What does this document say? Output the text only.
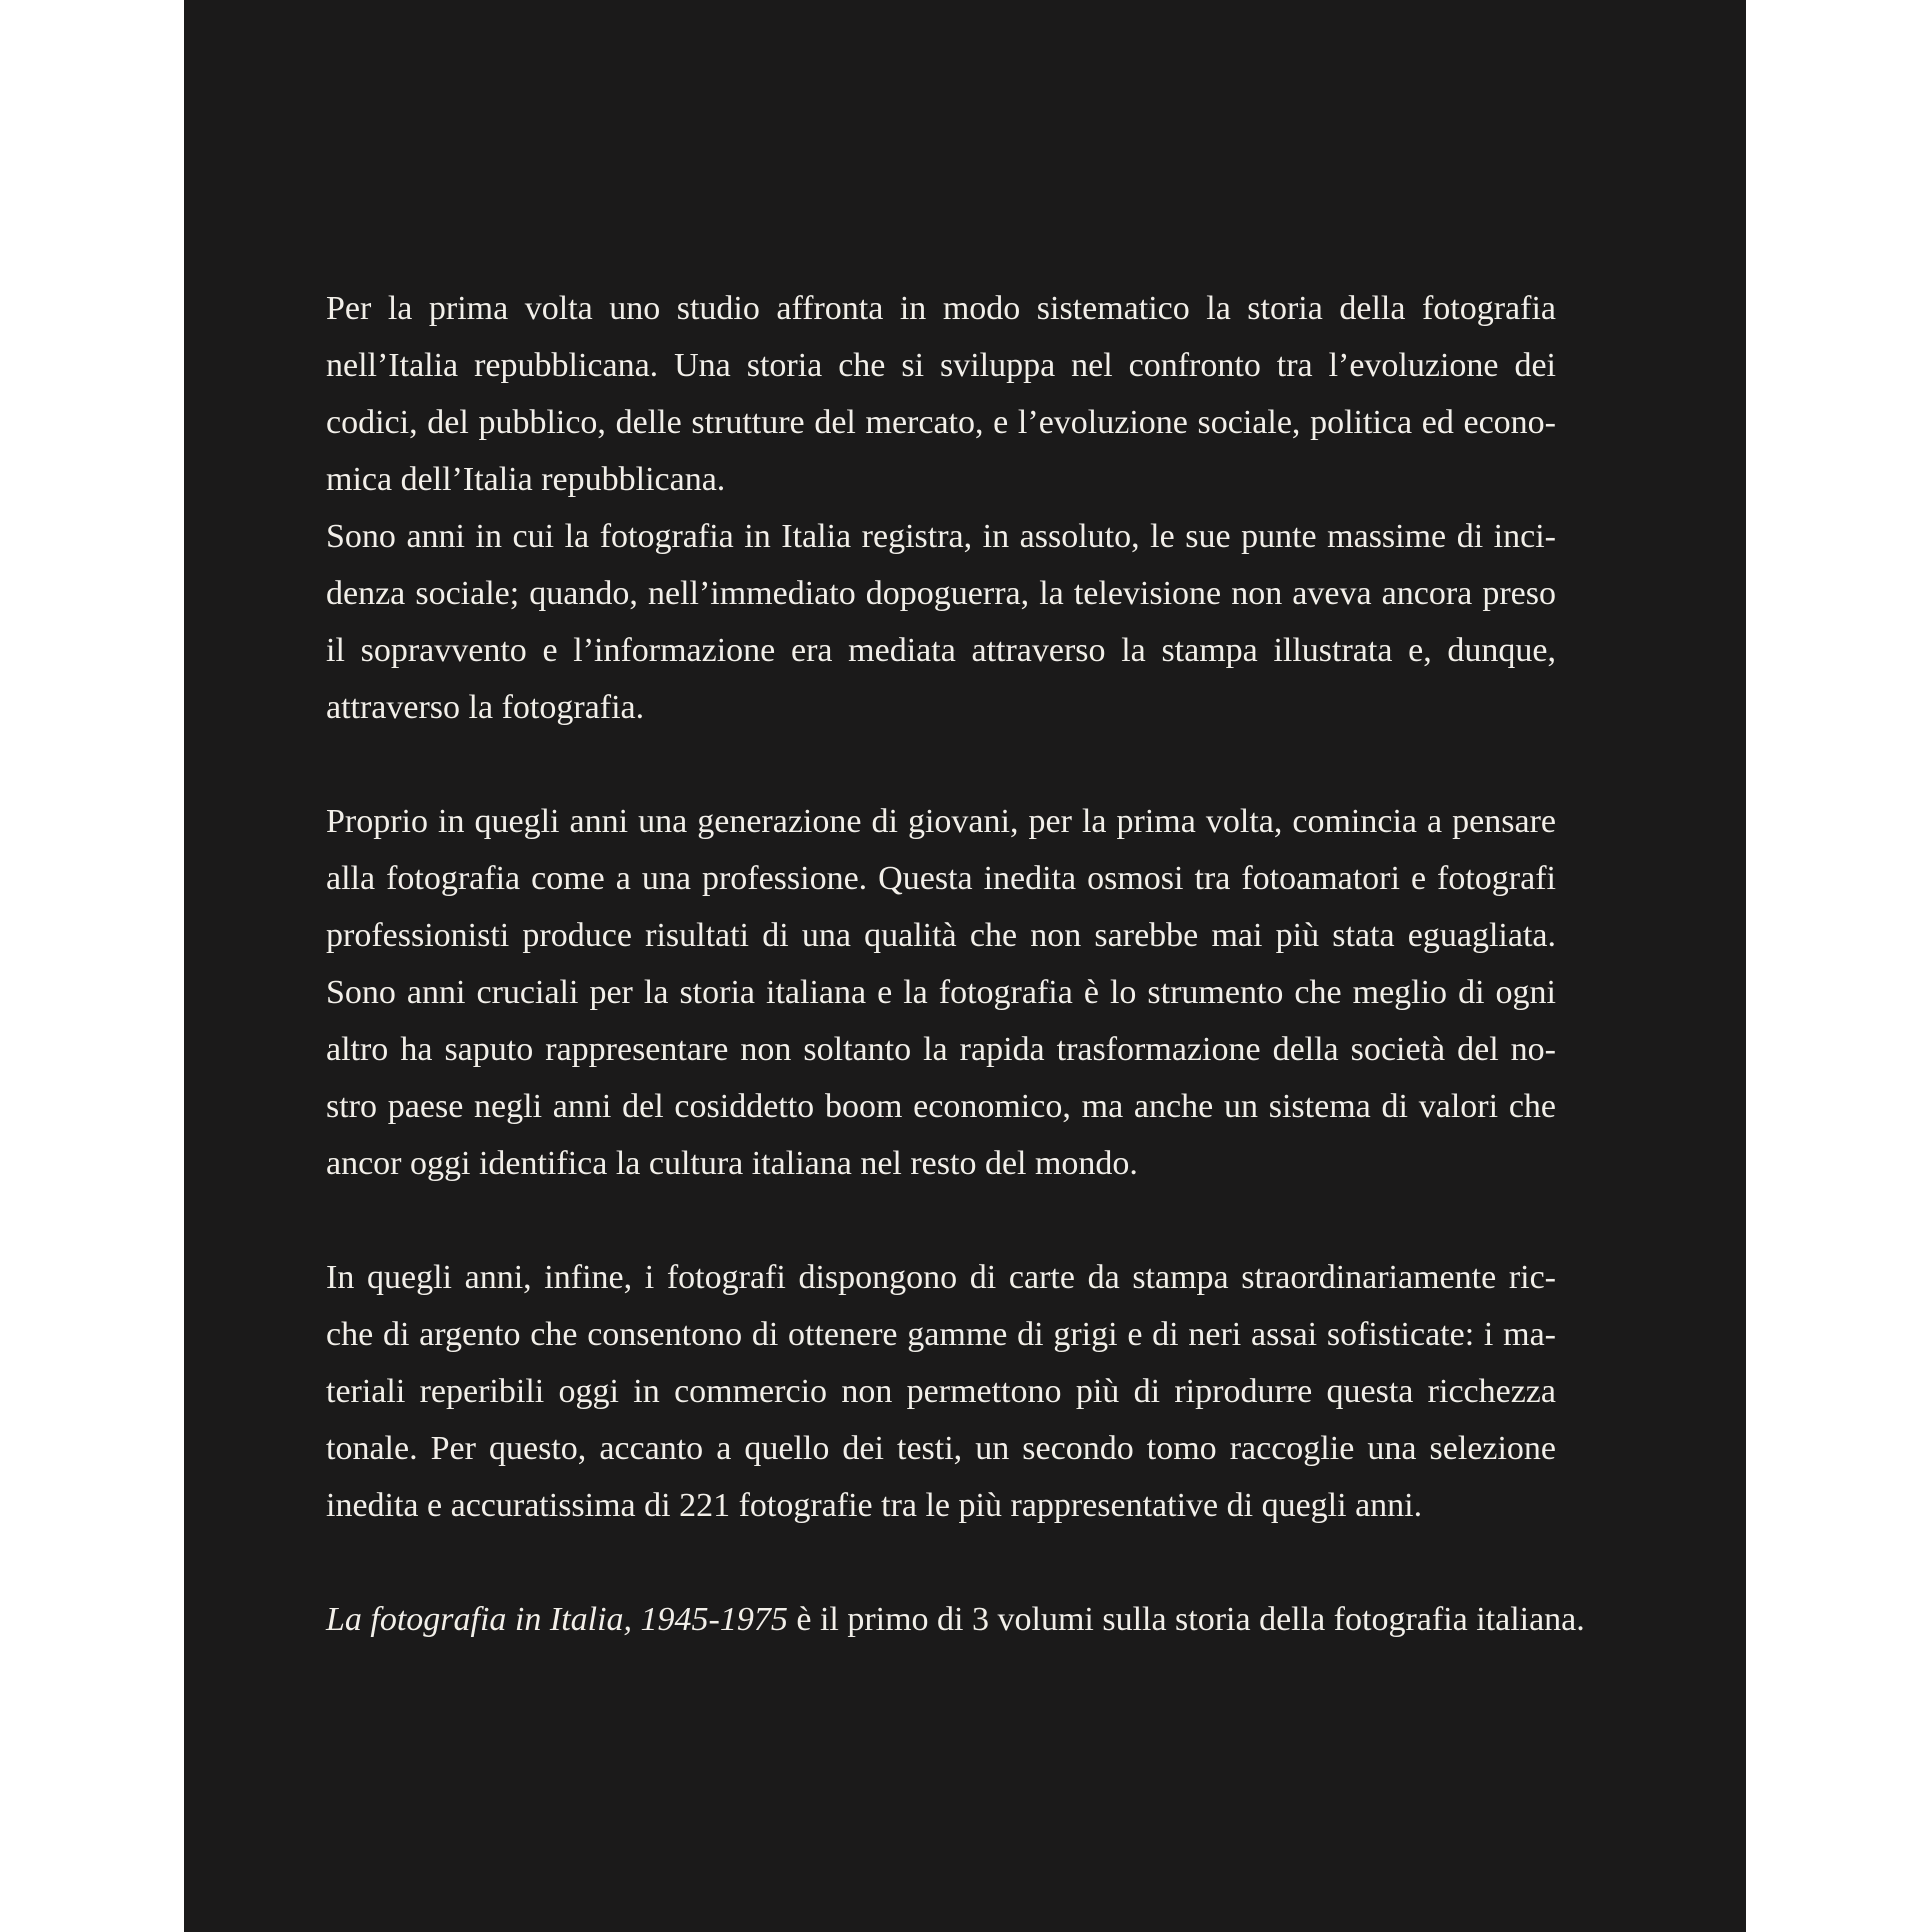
Per la prima volta uno studio affronta in modo sistematico la storia della fotografia
nell’Italia repubblicana. Una storia che si sviluppa nel confronto tra l’evoluzione dei
codici, del pubblico, delle strutture del mercato, e l’evoluzione sociale, politica ed econo-
mica dell’Italia repubblicana.
Sono anni in cui la fotografia in Italia registra, in assoluto, le sue punte massime di inci-
denza sociale; quando, nell’immediato dopoguerra, la televisione non aveva ancora preso
il sopravvento e l’informazione era mediata attraverso la stampa illustrata e, dunque,
attraverso la fotografia.
Proprio in quegli anni una generazione di giovani, per la prima volta, comincia a pensare
alla fotografia come a una professione. Questa inedita osmosi tra fotoamatori e fotografi
professionisti produce risultati di una qualità che non sarebbe mai più stata eguagliata.
Sono anni cruciali per la storia italiana e la fotografia è lo strumento che meglio di ogni
altro ha saputo rappresentare non soltanto la rapida trasformazione della società del no-
stro paese negli anni del cosiddetto boom economico, ma anche un sistema di valori che
ancor oggi identifica la cultura italiana nel resto del mondo.
In quegli anni, infine, i fotografi dispongono di carte da stampa straordinariamente ric-
che di argento che consentono di ottenere gamme di grigi e di neri assai sofisticate: i ma-
teriali reperibili oggi in commercio non permettono più di riprodurre questa ricchezza
tonale. Per questo, accanto a quello dei testi, un secondo tomo raccoglie una selezione
inedita e accuratissima di 221 fotografie tra le più rappresentative di quegli anni.
La fotografia in Italia, 1945-1975 è il primo di 3 volumi sulla storia della fotografia italiana.
